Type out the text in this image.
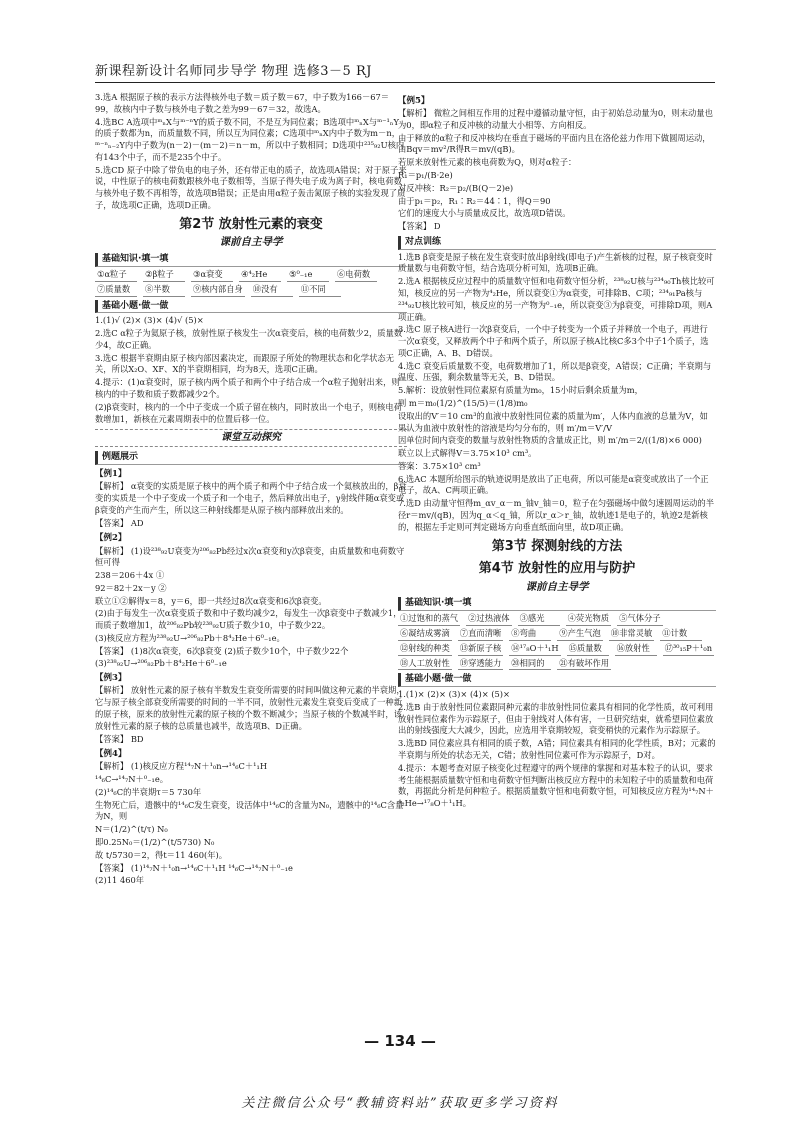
新课程新设计名师同步导学 物理 选修3－5 RJ

3.选A 根据原子核的表示方法得核外电子数＝质子数＝67，中子数为166－67＝99，故核内中子数与核外电子数之差为99－67＝32，故选A。

4.选BC A选项中ᵐₙX与ᵐ⁻ⁿY的质子数不同，不是互为同位素；B选项中ᵐₙX与ᵐ⁻¹ₙY的质子数都为n，而质量数不同，所以互为同位素；C选项中ᵐₙX内中子数为m－n，ᵐ⁻ⁿₙ₋₂Y内中子数为(n－2)－(m－2)＝n－m，所以中子数相同；D选项中²³⁵₉₂U核内有143个中子，而不是235个中子。

5.选CD 原子中除了带负电的电子外，还有带正电的质子，故选项A错误；对于原子来说，中性原子的核电荷数跟核外电子数相等，当原子得失电子成为离子时，核电荷数与核外电子数不再相等，故选项B错误；正是由用α粒子轰击氮原子核的实验发现了质子，故选项C正确，选项D正确。

第2节 放射性元素的衰变
课前自主导学
基础知识·填一填
①α粒子	②β粒子	③α衰变	④⁴₂He	⑤⁰₋₁e	⑥电荷数
⑦质量数	⑧半数	⑨核内部自身 ⑩没有	⑪不同
基础小题·做一做

1.(1)√ (2)× (3)× (4)√ (5)×

2.选C α粒子为氦原子核，放射性原子核发生一次α衰变后，核的电荷数少2，质量数少4，故C正确。

3.选C 根据半衰期由原子核内部因素决定，而跟原子所处的物理状态和化学状态无关，所以X₂O、XF、X的半衰期相同，均为8天，选项C正确。

4.提示：(1)α衰变时，原子核内两个质子和两个中子结合成一个α粒子抛射出来，则核内的中子数和质子数都减少2个。

(2)β衰变时，核内的一个中子变成一个质子留在核内，同时放出一个电子，则核电荷数增加1，新核在元素周期表中的位置后移一位。

课堂互动探究
例题展示
【例1】

【解析】 α衰变的实质是原子核中的两个质子和两个中子结合成一个氦核放出的，β衰变的实质是一个中子变成一个质子和一个电子，然后释放出电子，γ射线伴随α衰变或β衰变的产生而产生，所以这三种射线都是从原子核内部释放出来的。

【答案】 AD

【例2】

【解析】 (1)设²³⁸₉₂U衰变为²⁰⁶₈₂Pb经过x次α衰变和y次β衰变，由质量数和电荷数守恒可得

238＝206＋4x ①

92＝82＋2x－y ②

联立①②解得x＝8，y＝6，即一共经过8次α衰变和6次β衰变。

(2)由于每发生一次α衰变质子数和中子数均减少2，每发生一次β衰变中子数减少1，而质子数增加1，故²⁰⁶₈₂Pb较²³⁸₉₂U质子数少10，中子数少22。

(3)核反应方程为²³⁸₉₂U→²⁰⁶₈₂Pb＋8⁴₂He＋6⁰₋₁e。

【答案】 (1)8次α衰变，6次β衰变 (2)质子数少10个，中子数少22个 (3)²³⁸₉₂U→²⁰⁶₈₂Pb＋8⁴₂He＋6⁰₋₁e

【例3】

【解析】 放射性元素的原子核有半数发生衰变所需要的时间叫做这种元素的半衰期，它与原子核全部衰变所需要的时间的一半不同，放射性元素发生衰变后变成了一种新的原子核，原来的放射性元素的原子核的个数不断减少；当原子核的个数减半时，该放射性元素的原子核的总质量也减半，故选项B、D正确。

【答案】 BD

【例4】

【解析】 (1)核反应方程¹⁴₇N＋¹₀n→¹⁴₆C＋¹₁H

¹⁴₆C→¹⁴₇N＋⁰₋₁e。

(2)¹⁴₆C的半衰期τ＝5 730年

生物死亡后，遗骸中的¹⁴₆C发生衰变，设活体中¹⁴₆C的含量为N₀，遗骸中的¹⁴₆C含量为N，则

N＝(1/2)^(t/τ) N₀

即0.25N₀＝(1/2)^(t/5730) N₀

故 t/5730＝2，得t＝11 460(年)。

【答案】 (1)¹⁴₇N＋¹₀n→¹⁴₆C＋¹₁H ¹⁴₆C→¹⁴₇N＋⁰₋₁e

(2)11 460年

【例5】

【解析】 微粒之间相互作用的过程中遵循动量守恒，由于初始总动量为0，则末动量也为0，即α粒子和反冲核的动量大小相等、方向相反。

由于释放的α粒子和反冲核均在垂直于磁场的平面内且在洛伦兹力作用下做圆周运动，由Bqv＝mv²/R得R＝mv/(qB)。

若原来放射性元素的核电荷数为Q，则对α粒子：

R₁＝p₁/(B·2e)

对反冲核：R₂＝p₂/(B(Q－2)e)

由于p₁＝p₂，R₁∶R₂＝44∶1，得Q＝90

它们的速度大小与质量成反比，故选项D错误。

【答案】 D

对点训练

1.选B β衰变是原子核在发生衰变时放出β射线(即电子)产生新核的过程，原子核衰变时质量数与电荷数守恒，结合选项分析可知，选项B正确。

2.选A 根据核反应过程中的质量数守恒和电荷数守恒分析，²³⁸₉₂U核与²³⁴₉₀Th核比较可知，核反应的另一产物为⁴₂He，所以衰变①为α衰变，可排除B、C项；²³⁴₉₁Pa核与²³⁴₉₂U核比较可知，核反应的另一产物为⁰₋₁e，所以衰变③为β衰变，可排除D项，则A项正确。

3.选C 原子核A进行一次β衰变后，一个中子转变为一个质子并释放一个电子，再进行一次α衰变，又释放两个中子和两个质子，所以原子核A比核C多3个中子1个质子，选项C正确，A、B、D错误。

4.选C 衰变后质量数不变，电荷数增加了1，所以是β衰变，A错误；C正确；半衰期与温度、压强，剩余数量等无关，B、D错误。

5.解析：设放射性同位素原有质量为m₀，15小时后剩余质量为m，

则 m＝m₀(1/2)^(15/5)＝(1/8)m₀

设取出的V′＝10 cm³的血液中放射性同位素的质量为m′，人体内血液的总量为V，如果认为血液中放射性的溶液是均匀分布的，则 m′/m＝V′/V

因单位时间内衰变的数量与放射性物质的含量成正比，则 m′/m＝2/((1/8)×6 000)

联立以上式解得V＝3.75×10³ cm³。

答案：3.75×10³ cm³

6.选AC 本题所给图示的轨迹说明是放出了正电荷，所以可能是α衰变或放出了一个正电子，故A、C两项正确。

7.选D 由动量守恒得m_αv_α－m_铀v_铀＝0，粒子在匀强磁场中做匀速圆周运动的半径r＝mv/(qB)，因为q_α＜q_铀，所以r_α＞r_铀，故轨迹1是电子的，轨迹2是新核的，根据左手定则可判定磁场方向垂直纸面向里，故D项正确。

第3节 探测射线的方法
第4节 放射性的应用与防护
课前自主导学
基础知识·填一填
①过饱和的蒸气 ②过热液体 ③感光	④荧光物质 ⑤气体分子
⑥凝结成雾滴 ⑦直而清晰 ⑧弯曲	⑨产生气泡 ⑩非常灵敏 ⑪计数
⑫射线的种类 ⑬新原子核 ⑭¹⁷₈O＋¹₁H ⑮质量数	⑯放射性	⑰³⁰₁₅P＋¹₀n
⑱人工放射性 ⑲穿透能力 ⑳相同的	㉑有破坏作用
基础小题·做一做

1.(1)× (2)× (3)× (4)× (5)×

2.选B 由于放射性同位素跟同种元素的非放射性同位素具有相同的化学性质，故可利用放射性同位素作为示踪原子，但由于射线对人体有害，一旦研究结束，就希望同位素放出的射线强度大大减少，因此，应选用半衰期较短，衰变稍快的元素作为示踪原子。

3.选BD 同位素应具有相同的质子数，A错；同位素具有相同的化学性质，B对；元素的半衰期与所处的状态无关，C错；放射性同位素可作为示踪原子，D对。

4.提示：本题考查对原子核变化过程遵守的两个规律的掌握和对基本粒子的认识，要求考生能根据质量数守恒和电荷数守恒判断出核反应方程中的未知粒子中的质量数和电荷数，再据此分析是何种粒子。根据质量数守恒和电荷数守恒，可知核反应方程为¹⁴₇N＋⁴₂He→¹⁷₈O＋¹₁H。

— 134 —
关注微信公众号“教辅资料站”获取更多学习资料
